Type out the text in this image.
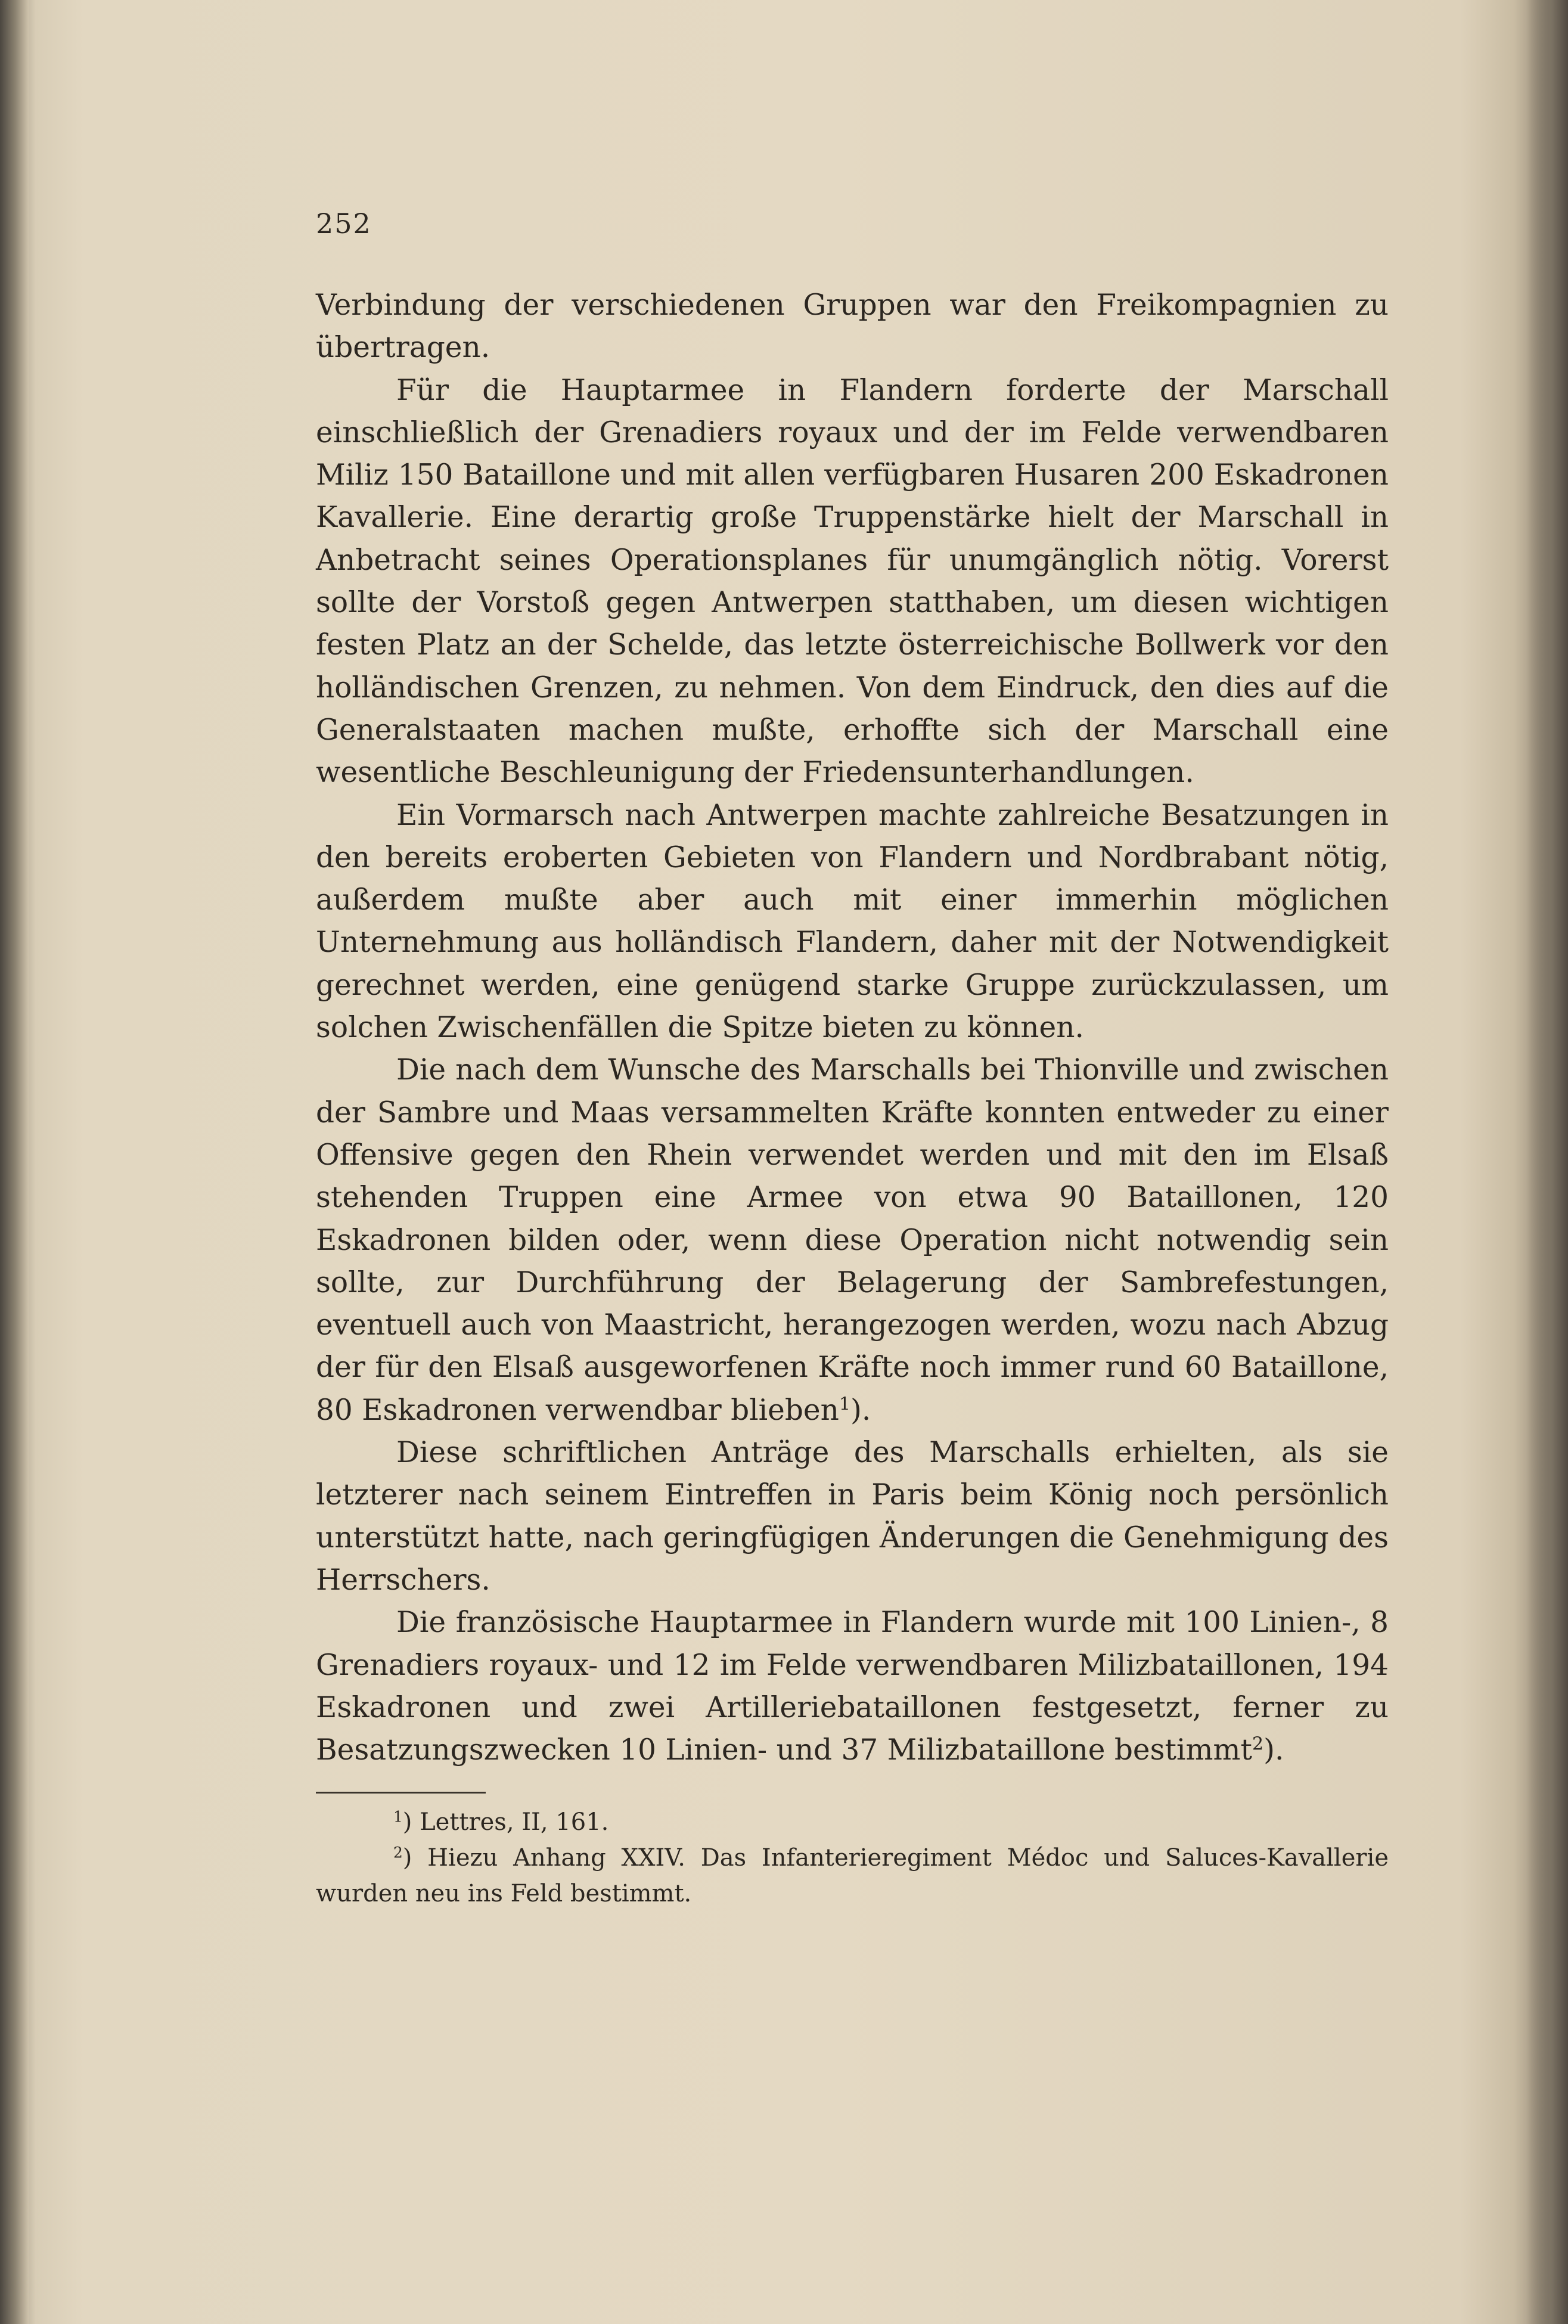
252

Verbindung der verschiedenen Gruppen war den Freikompagnien zu übertragen.

Für die Hauptarmee in Flandern forderte der Marschall einschließlich der Grenadiers royaux und der im Felde verwendbaren Miliz 150 Bataillone und mit allen verfügbaren Husaren 200 Eskadronen Kavallerie. Eine derartig große Truppenstärke hielt der Marschall in Anbetracht seines Operationsplanes für unumgänglich nötig. Vorerst sollte der Vorstoß gegen Antwerpen statthaben, um diesen wichtigen festen Platz an der Schelde, das letzte österreichische Bollwerk vor den holländischen Grenzen, zu nehmen. Von dem Eindruck, den dies auf die Generalstaaten machen mußte, erhoffte sich der Marschall eine wesentliche Beschleunigung der Friedensunterhandlungen.

Ein Vormarsch nach Antwerpen machte zahlreiche Besatzungen in den bereits eroberten Gebieten von Flandern und Nordbrabant nötig, außerdem mußte aber auch mit einer immerhin möglichen Unternehmung aus holländisch Flandern, daher mit der Notwendigkeit gerechnet werden, eine genügend starke Gruppe zurückzulassen, um solchen Zwischenfällen die Spitze bieten zu können.

Die nach dem Wunsche des Marschalls bei Thionville und zwischen der Sambre und Maas versammelten Kräfte konnten entweder zu einer Offensive gegen den Rhein verwendet werden und mit den im Elsaß stehenden Truppen eine Armee von etwa 90 Bataillonen, 120 Eskadronen bilden oder, wenn diese Operation nicht notwendig sein sollte, zur Durchführung der Belagerung der Sambrefestungen, eventuell auch von Maastricht, herangezogen werden, wozu nach Abzug der für den Elsaß ausgeworfenen Kräfte noch immer rund 60 Bataillone, 80 Eskadronen verwendbar blieben$^1$).

Diese schriftlichen Anträge des Marschalls erhielten, als sie letzterer nach seinem Eintreffen in Paris beim König noch persönlich unterstützt hatte, nach geringfügigen Änderungen die Genehmigung des Herrschers.

Die französische Hauptarmee in Flandern wurde mit 100 Linien-, 8 Grenadiers royaux- und 12 im Felde verwendbaren Milizbataillonen, 194 Eskadronen und zwei Artilleriebataillonen festgesetzt, ferner zu Besatzungszwecken 10 Linien- und 37 Milizbataillone bestimmt$^2$).

$^1$) Lettres, II, 161.

$^2$) Hiezu Anhang XXIV. Das Infanterieregiment Médoc und Saluces-Kavallerie wurden neu ins Feld bestimmt.
